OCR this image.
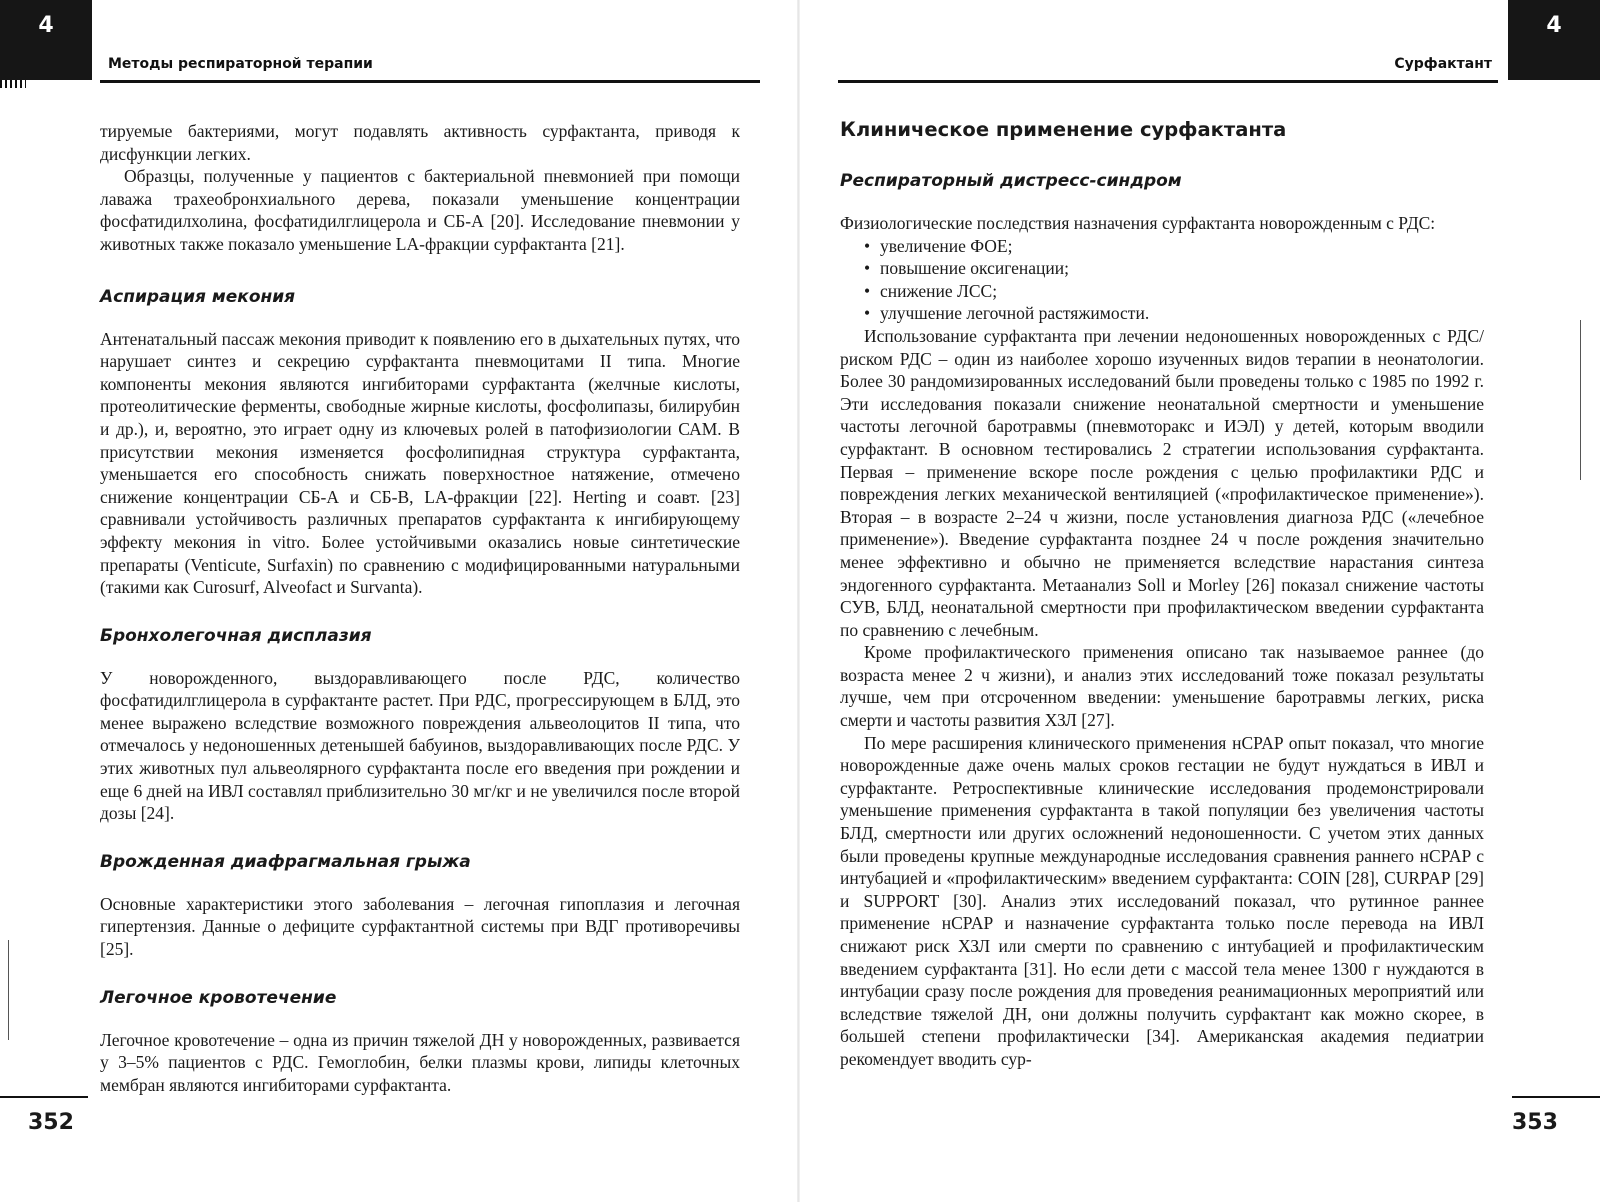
4
Методы респираторной терапии

тируемые бактериями, могут подавлять активность сурфактанта, приводя к дисфункции легких.

Образцы, полученные у пациентов с бактериальной пневмонией при помощи лаважа трахеобронхиального дерева, показали уменьшение концентрации фосфатидилхолина, фосфатидилглицерола и СБ-А [20]. Исследование пневмонии у животных также показало уменьшение LA-фракции сурфактанта [21].

Аспирация мекония

Антенатальный пассаж мекония приводит к появлению его в дыхательных путях, что нарушает синтез и секрецию сурфактанта пневмоцитами II типа. Многие компоненты мекония являются ингибиторами сурфактанта (желчные кислоты, протеолитические ферменты, свободные жирные кислоты, фосфолипазы, билирубин и др.), и, вероятно, это играет одну из ключевых ролей в патофизиологии САМ. В присутствии мекония изменяется фосфолипидная структура сурфактанта, уменьшается его способность снижать поверхностное натяжение, отмечено снижение концентрации СБ-А и СБ-В, LA-фракции [22]. Herting и соавт. [23] сравнивали устойчивость различных препаратов сурфактанта к ингибирующему эффекту мекония in vitro. Более устойчивыми оказались новые синтетические препараты (Venticute, Surfaxin) по сравнению с модифицированными натуральными (такими как Curosurf, Alveofact и Survanta).

Бронхолегочная дисплазия

У новорожденного, выздоравливающего после РДС, количество фосфатидилглицерола в сурфактанте растет. При РДС, прогрессирующем в БЛД, это менее выражено вследствие возможного повреждения альвеолоцитов II типа, что отмечалось у недоношенных детенышей бабуинов, выздоравливающих после РДС. У этих животных пул альвеолярного сурфактанта после его введения при рождении и еще 6 дней на ИВЛ составлял приблизительно 30 мг/кг и не увеличился после второй дозы [24].

Врожденная диафрагмальная грыжа

Основные характеристики этого заболевания – легочная гипоплазия и легочная гипертензия. Данные о дефиците сурфактантной системы при ВДГ противоречивы [25].

Легочное кровотечение

Легочное кровотечение – одна из причин тяжелой ДН у новорожденных, развивается у 3–5% пациентов с РДС. Гемоглобин, белки плазмы крови, липиды клеточных мембран являются ингибиторами сурфактанта.

352
4
Сурфактант
Клиническое применение сурфактанта
Респираторный дистресс-синдром

Физиологические последствия назначения сурфактанта новорожденным с РДС:

• увеличение ФОЕ;
• повышение оксигенации;
• снижение ЛСС;
• улучшение легочной растяжимости.

Использование сурфактанта при лечении недоношенных новорожденных с РДС/риском РДС – один из наиболее хорошо изученных видов терапии в неонатологии. Более 30 рандомизированных исследований были проведены только с 1985 по 1992 г. Эти исследования показали снижение неонатальной смертности и уменьшение частоты легочной баротравмы (пневмоторакс и ИЭЛ) у детей, которым вводили сурфактант. В основном тестировались 2 стратегии использования сурфактанта. Первая – применение вскоре после рождения с целью профилактики РДС и повреждения легких механической вентиляцией («профилактическое применение»). Вторая – в возрасте 2–24 ч жизни, после установления диагноза РДС («лечебное применение»). Введение сурфактанта позднее 24 ч после рождения значительно менее эффективно и обычно не применяется вследствие нарастания синтеза эндогенного сурфактанта. Метаанализ Soll и Morley [26] показал снижение частоты СУВ, БЛД, неонатальной смертности при профилактическом введении сурфактанта по сравнению с лечебным.

Кроме профилактического применения описано так называемое раннее (до возраста менее 2 ч жизни), и анализ этих исследований тоже показал результаты лучше, чем при отсроченном введении: уменьшение баротравмы легких, риска смерти и частоты развития ХЗЛ [27].

По мере расширения клинического применения нCPAP опыт показал, что многие новорожденные даже очень малых сроков гестации не будут нуждаться в ИВЛ и сурфактанте. Ретроспективные клинические исследования продемонстрировали уменьшение применения сурфактанта в такой популяции без увеличения частоты БЛД, смертности или других осложнений недоношенности. С учетом этих данных были проведены крупные международные исследования сравнения раннего нCPAP с интубацией и «профилактическим» введением сурфактанта: COIN [28], CURPAP [29] и SUPPORT [30]. Анализ этих исследований показал, что рутинное раннее применение нCPAP и назначение сурфактанта только после перевода на ИВЛ снижают риск ХЗЛ или смерти по сравнению с интубацией и профилактическим введением сурфактанта [31]. Но если дети с массой тела менее 1300 г нуждаются в интубации сразу после рождения для проведения реанимационных мероприятий или вследствие тяжелой ДН, они должны получить сурфактант как можно скорее, в большей степени профилактически [34]. Американская академия педиатрии рекомендует вводить сур-

353
